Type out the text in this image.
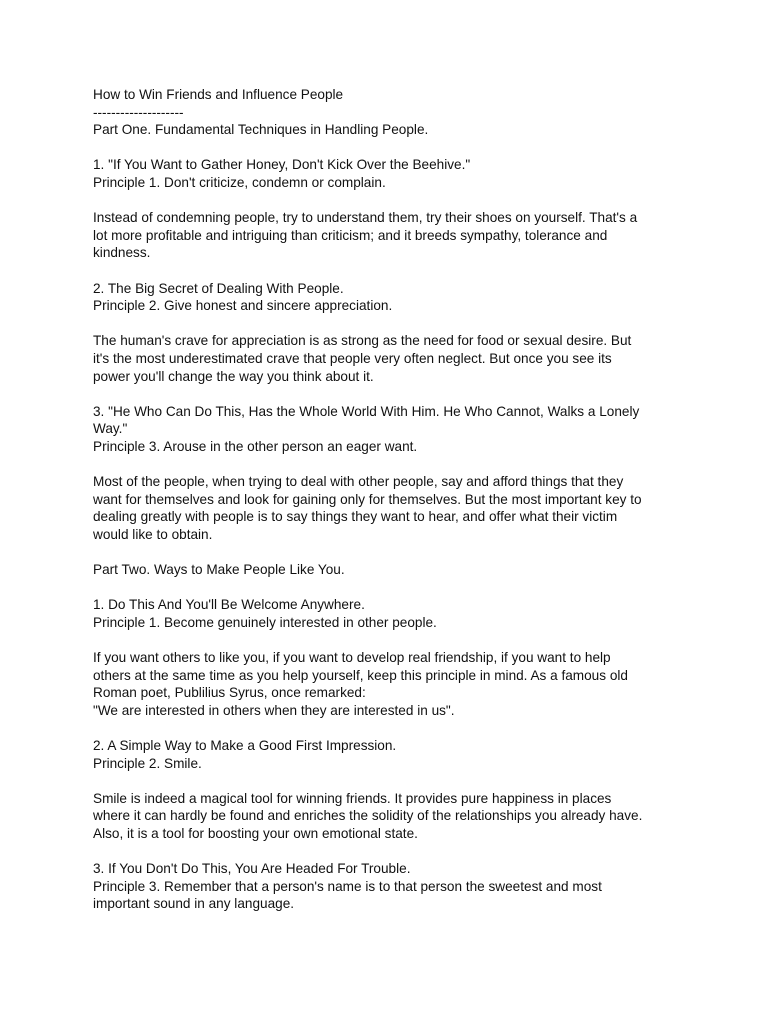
How to Win Friends and Influence People
--------------------
Part One. Fundamental Techniques in Handling People.
1. "If You Want to Gather Honey, Don't Kick Over the Beehive."
Principle 1. Don't criticize, condemn or complain.
Instead of condemning people, try to understand them, try their shoes on yourself. That's a
lot more profitable and intriguing than criticism; and it breeds sympathy, tolerance and
kindness.
2. The Big Secret of Dealing With People.
Principle 2. Give honest and sincere appreciation.
The human's crave for appreciation is as strong as the need for food or sexual desire. But
it's the most underestimated crave that people very often neglect. But once you see its
power you'll change the way you think about it.
3. "He Who Can Do This, Has the Whole World With Him. He Who Cannot, Walks a Lonely
Way."
Principle 3. Arouse in the other person an eager want.
Most of the people, when trying to deal with other people, say and afford things that they
want for themselves and look for gaining only for themselves. But the most important key to
dealing greatly with people is to say things they want to hear, and offer what their victim
would like to obtain.
Part Two. Ways to Make People Like You.
1. Do This And You'll Be Welcome Anywhere.
Principle 1. Become genuinely interested in other people.
If you want others to like you, if you want to develop real friendship, if you want to help
others at the same time as you help yourself, keep this principle in mind. As a famous old
Roman poet, Publilius Syrus, once remarked:
"We are interested in others when they are interested in us".
2. A Simple Way to Make a Good First Impression.
Principle 2. Smile.
Smile is indeed a magical tool for winning friends. It provides pure happiness in places
where it can hardly be found and enriches the solidity of the relationships you already have.
Also, it is a tool for boosting your own emotional state.
3. If You Don't Do This, You Are Headed For Trouble.
Principle 3. Remember that a person's name is to that person the sweetest and most
important sound in any language.
